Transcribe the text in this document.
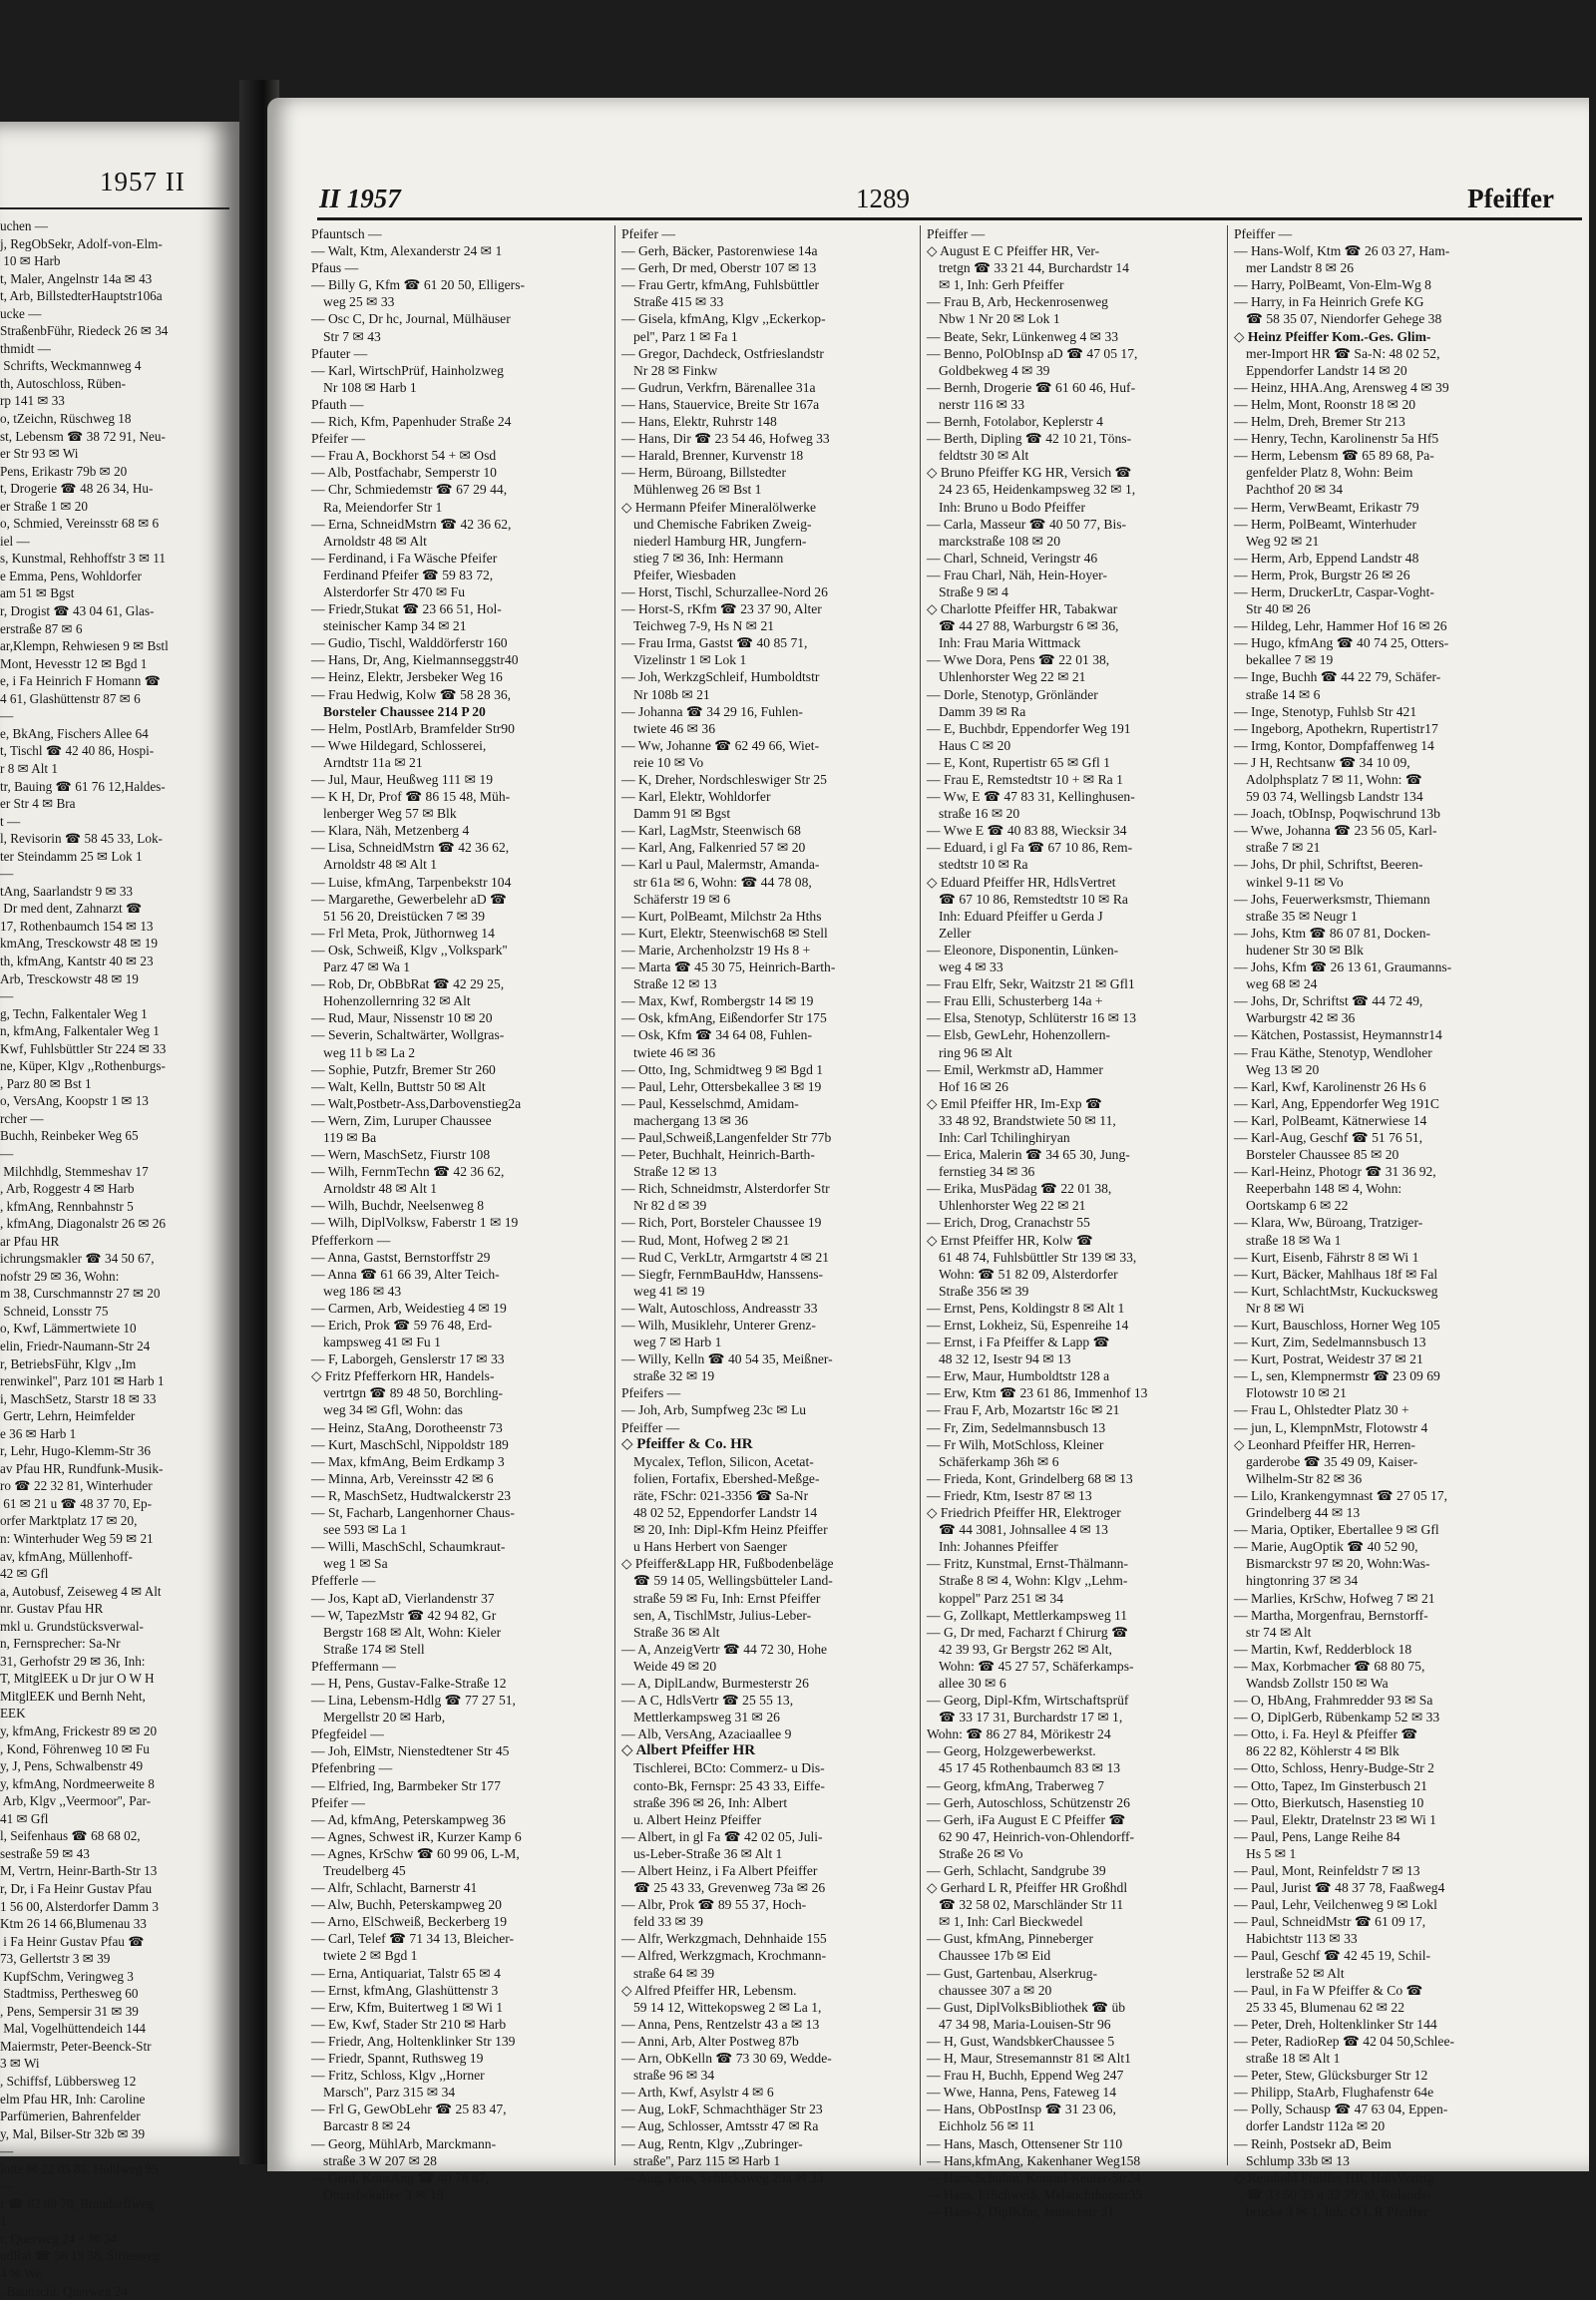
1957 II
uchen —
j, RegObSekr, Adolf-von-Elm-
10 ✉ Harb
t, Maler, Angelnstr 14a ✉ 43
t, Arb, BillstedterHauptstr106a
ucke —
StraßenbFühr, Riedeck 26 ✉ 34
thmidt —
Schrifts, Weckmannweg 4
th, Autoschloss, Rüben-
rp 141 ✉ 33
o, tZeichn, Rüschweg 18
st, Lebensm ☎ 38 72 91, Neu-
er Str 93 ✉ Wi
Pens, Erikastr 79b ✉ 20
t, Drogerie ☎ 48 26 34, Hu-
er Straße 1 ✉ 20
o, Schmied, Vereinsstr 68 ✉ 6
iel —
s, Kunstmal, Rehhoffstr 3 ✉ 11
e Emma, Pens, Wohldorfer
am 51 ✉ Bgst
r, Drogist ☎ 43 04 61, Glas-
erstraße 87 ✉ 6
ar,Klempn, Rehwiesen 9 ✉ Bstl
Mont, Hevesstr 12 ✉ Bgd 1
e, i Fa Heinrich F Homann ☎
4 61, Glashüttenstr 87 ✉ 6
—
e, BkAng, Fischers Allee 64
t, Tischl ☎ 42 40 86, Hospi-
r 8 ✉ Alt 1
tr, Bauing ☎ 61 76 12,Haldes-
er Str 4 ✉ Bra
t —
l, Revisorin ☎ 58 45 33, Lok-
ter Steindamm 25 ✉ Lok 1
—
tAng, Saarlandstr 9 ✉ 33
Dr med dent, Zahnarzt ☎
17, Rothenbaumch 154 ✉ 13
kmAng, Tresckowstr 48 ✉ 19
th, kfmAng, Kantstr 40 ✉ 23
Arb, Tresckowstr 48 ✉ 19
—
g, Techn, Falkentaler Weg 1
n, kfmAng, Falkentaler Weg 1
Kwf, Fuhlsbüttler Str 224 ✉ 33
ne, Küper, Klgv ,,Rothenburgs-
, Parz 80 ✉ Bst 1
o, VersAng, Koopstr 1 ✉ 13
rcher —
Buchh, Reinbeker Weg 65
—
Milchhdlg, Stemmeshav 17
, Arb, Roggestr 4 ✉ Harb
, kfmAng, Rennbahnstr 5
, kfmAng, Diagonalstr 26 ✉ 26
ar Pfau HR
ichrungsmakler ☎ 34 50 67,
nofstr 29 ✉ 36, Wohn:
m 38, Curschmannstr 27 ✉ 20
Schneid, Lonsstr 75
o, Kwf, Lämmertwiete 10
elin, Friedr-Naumann-Str 24
r, BetriebsFühr, Klgv ,,Im
renwinkel'', Parz 101 ✉ Harb 1
i, MaschSetz, Starstr 18 ✉ 33
Gertr, Lehrn, Heimfelder
e 36 ✉ Harb 1
r, Lehr, Hugo-Klemm-Str 36
av Pfau HR, Rundfunk-Musik-
ro ☎ 22 32 81, Winterhuder
61 ✉ 21 u ☎ 48 37 70, Ep-
orfer Marktplatz 17 ✉ 20,
n: Winterhuder Weg 59 ✉ 21
av, kfmAng, Müllenhoff-
42 ✉ Gfl
a, Autobusf, Zeiseweg 4 ✉ Alt
nr. Gustav Pfau HR
mkl u. Grundstücksverwal-
n, Fernsprecher: Sa-Nr
31, Gerhofstr 29 ✉ 36, Inh:
T, MitglEEK u Dr jur O W H
MitglEEK und Bernh Neht,
EEK
y, kfmAng, Frickestr 89 ✉ 20
, Kond, Föhrenweg 10 ✉ Fu
y, J, Pens, Schwalbenstr 49
y, kfmAng, Nordmeerweite 8
Arb, Klgv ,,Veermoor'', Par-
41 ✉ Gfl
l, Seifenhaus ☎ 68 68 02,
sestraße 59 ✉ 43
M, Vertrn, Heinr-Barth-Str 13
r, Dr, i Fa Heinr Gustav Pfau
1 56 00, Alsterdorfer Damm 3
Ktm 26 14 66,Blumenau 33
i Fa Heinr Gustav Pfau ☎
73, Gellertstr 3 ✉ 39
KupfSchm, Veringweg 3
Stadtmiss, Perthesweg 60
, Pens, Sempersir 31 ✉ 39
Mal, Vogelhüttendeich 144
Maiermstr, Peter-Beenck-Str
3 ✉ Wi
, Schiffsf, Lübbersweg 12
elm Pfau HR, Inh: Caroline
Parfümerien, Bahrenfelder
y, Mal, Bilser-Str 32b ✉ 39
—
lotte ✉ 22 05 85, Hohlweg 95
—
r ☎ 82 89 70, Brandorffweg
1
r, Querweg 24 + ✉ 34
udRat ☎ 56 19 38, Siriusweg
4 ✉ We
, Bautischl, Querweg 24
II 1957	1289	Pfeiffer
Pfauntsch —
— Walt, Ktm, Alexanderstr 24 ✉ 1
Pfaus —
— Billy G, Kfm ☎ 61 20 50, Elligers-
weg 25 ✉ 33
— Osc C, Dr hc, Journal, Mülhäuser
Str 7 ✉ 43
Pfauter —
— Karl, WirtschPrüf, Hainholzweg
Nr 108 ✉ Harb 1
Pfauth —
— Rich, Kfm, Papenhuder Straße 24
Pfeifer —
— Frau A, Bockhorst 54 + ✉ Osd
— Alb, Postfachabr, Semperstr 10
— Chr, Schmiedemstr ☎ 67 29 44,
Ra, Meiendorfer Str 1
— Erna, SchneidMstrn ☎ 42 36 62,
Arnoldstr 48 ✉ Alt
— Ferdinand, i Fa Wäsche Pfeifer
Ferdinand Pfeifer ☎ 59 83 72,
Alsterdorfer Str 470 ✉ Fu
— Friedr,Stukat ☎ 23 66 51, Hol-
steinischer Kamp 34 ✉ 21
— Gudio, Tischl, Walddörferstr 160
— Hans, Dr, Ang, Kielmannseggstr40
— Heinz, Elektr, Jersbeker Weg 16
— Frau Hedwig, Kolw ☎ 58 28 36,
Borsteler Chaussee 214 P 20
— Helm, PostlArb, Bramfelder Str90
— Wwe Hildegard, Schlosserei,
Arndtstr 11a ✉ 21
— Jul, Maur, Heußweg 111 ✉ 19
— K H, Dr, Prof ☎ 86 15 48, Müh-
lenberger Weg 57 ✉ Blk
— Klara, Näh, Metzenberg 4
— Lisa, SchneidMstrn ☎ 42 36 62,
Arnoldstr 48 ✉ Alt 1
— Luise, kfmAng, Tarpenbekstr 104
— Margarethe, Gewerbelehr aD ☎
51 56 20, Dreistücken 7 ✉ 39
— Frl Meta, Prok, Jüthornweg 14
— Osk, Schweiß, Klgv ,,Volkspark''
Parz 47 ✉ Wa 1
— Rob, Dr, ObBbRat ☎ 42 29 25,
Hohenzollernring 32 ✉ Alt
— Rud, Maur, Nissenstr 10 ✉ 20
— Severin, Schaltwärter, Wollgras-
weg 11 b ✉ La 2
— Sophie, Putzfr, Bremer Str 260
— Walt, Kelln, Buttstr 50 ✉ Alt
— Walt,Postbetr-Ass,Darbovenstieg2a
— Wern, Zim, Luruper Chaussee
119 ✉ Ba
— Wern, MaschSetz, Fiurstr 108
— Wilh, FernmTechn ☎ 42 36 62,
Arnoldstr 48 ✉ Alt 1
— Wilh, Buchdr, Neelsenweg 8
— Wilh, DiplVolksw, Faberstr 1 ✉ 19
Pfefferkorn —
— Anna, Gastst, Bernstorffstr 29
— Anna ☎ 61 66 39, Alter Teich-
weg 186 ✉ 43
— Carmen, Arb, Weidestieg 4 ✉ 19
— Erich, Prok ☎ 59 76 48, Erd-
kampsweg 41 ✉ Fu 1
— F, Laborgeh, Genslerstr 17 ✉ 33
◇ Fritz Pfefferkorn HR, Handels-
vertrtgn ☎ 89 48 50, Borchling-
weg 34 ✉ Gfl, Wohn: das
— Heinz, StaAng, Dorotheenstr 73
— Kurt, MaschSchl, Nippoldstr 189
— Max, kfmAng, Beim Erdkamp 3
— Minna, Arb, Vereinsstr 42 ✉ 6
— R, MaschSetz, Hudtwalckerstr 23
— St, Facharb, Langenhorner Chaus-
see 593 ✉ La 1
— Willi, MaschSchl, Schaumkraut-
weg 1 ✉ Sa
Pfefferle —
— Jos, Kapt aD, Vierlandenstr 37
— W, TapezMstr ☎ 42 94 82, Gr
Bergstr 168 ✉ Alt, Wohn: Kieler
Straße 174 ✉ Stell
Pfeffermann —
— H, Pens, Gustav-Falke-Straße 12
— Lina, Lebensm-Hdlg ☎ 77 27 51,
Mergellstr 20 ✉ Harb,
Pfegfeidel —
— Joh, ElMstr, Nienstedtener Str 45
Pfefenbring —
— Elfried, Ing, Barmbeker Str 177
Pfeifer —
— Ad, kfmAng, Peterskampweg 36
— Agnes, Schwest iR, Kurzer Kamp 6
— Agnes, KrSchw ☎ 60 99 06, L-M,
Treudelberg 45
— Alfr, Schlacht, Barnerstr 41
— Alw, Buchh, Peterskampweg 20
— Arno, ElSchweiß, Beckerberg 19
— Carl, Telef ☎ 71 34 13, Bleicher-
twiete 2 ✉ Bgd 1
— Erna, Antiquariat, Talstr 65 ✉ 4
— Ernst, kfmAng, Glashüttenstr 3
— Erw, Kfm, Buitertweg 1 ✉ Wi 1
— Ew, Kwf, Stader Str 210 ✉ Harb
— Friedr, Ang, Holtenklinker Str 139
— Friedr, Spannt, Ruthsweg 19
— Fritz, Schloss, Klgv ,,Horner
Marsch'', Parz 315 ✉ 34
— Frl G, GewObLehr ☎ 25 83 47,
Barcastr 8 ✉ 24
— Georg, MühlArb, Marckmann-
straße 3 W 207 ✉ 28
— Gerd, KonsAng ☎ 40 78 87,
Ottersbekallee 3 ✉ 19
Pfeifer —
— Gerh, Bäcker, Pastorenwiese 14a
— Gerh, Dr med, Oberstr 107 ✉ 13
— Frau Gertr, kfmAng, Fuhlsbüttler
Straße 415 ✉ 33
— Gisela, kfmAng, Klgv ,,Eckerkop-
pel'', Parz 1 ✉ Fa 1
— Gregor, Dachdeck, Ostfrieslandstr
Nr 28 ✉ Finkw
— Gudrun, Verkfrn, Bärenallee 31a
— Hans, Stauervice, Breite Str 167a
— Hans, Elektr, Ruhrstr 148
— Hans, Dir ☎ 23 54 46, Hofweg 33
— Harald, Brenner, Kurvenstr 18
— Herm, Büroang, Billstedter
Mühlenweg 26 ✉ Bst 1
◇ Hermann Pfeifer Mineralölwerke
und Chemische Fabriken Zweig-
niederl Hamburg HR, Jungfern-
stieg 7 ✉ 36, Inh: Hermann
Pfeifer, Wiesbaden
— Horst, Tischl, Schurzallee-Nord 26
— Horst-S, rKfm ☎ 23 37 90, Alter
Teichweg 7-9, Hs N ✉ 21
— Frau Irma, Gastst ☎ 40 85 71,
Vizelinstr 1 ✉ Lok 1
— Joh, WerkzgSchleif, Humboldtstr
Nr 108b ✉ 21
— Johanna ☎ 34 29 16, Fuhlen-
twiete 46 ✉ 36
— Ww, Johanne ☎ 62 49 66, Wiet-
reie 10 ✉ Vo
— K, Dreher, Nordschleswiger Str 25
— Karl, Elektr, Wohldorfer
Damm 91 ✉ Bgst
— Karl, LagMstr, Steenwisch 68
— Karl, Ang, Falkenried 57 ✉ 20
— Karl u Paul, Malermstr, Amanda-
str 61a ✉ 6, Wohn: ☎ 44 78 08,
Schäferstr 19 ✉ 6
— Kurt, PolBeamt, Milchstr 2a Hths
— Kurt, Elektr, Steenwisch68 ✉ Stell
— Marie, Archenholzstr 19 Hs 8 +
— Marta ☎ 45 30 75, Heinrich-Barth-
Straße 12 ✉ 13
— Max, Kwf, Rombergstr 14 ✉ 19
— Osk, kfmAng, Eißendorfer Str 175
— Osk, Kfm ☎ 34 64 08, Fuhlen-
twiete 46 ✉ 36
— Otto, Ing, Schmidtweg 9 ✉ Bgd 1
— Paul, Lehr, Ottersbekallee 3 ✉ 19
— Paul, Kesselschmd, Amidam-
machergang 13 ✉ 36
— Paul,Schweiß,Langenfelder Str 77b
— Peter, Buchhalt, Heinrich-Barth-
Straße 12 ✉ 13
— Rich, Schneidmstr, Alsterdorfer Str
Nr 82 d ✉ 39
— Rich, Port, Borsteler Chaussee 19
— Rud, Mont, Hofweg 2 ✉ 21
— Rud C, VerkLtr, Armgartstr 4 ✉ 21
— Siegfr, FernmBauHdw, Hanssens-
weg 41 ✉ 19
— Walt, Autoschloss, Andreasstr 33
— Wilh, Musiklehr, Unterer Grenz-
weg 7 ✉ Harb 1
— Willy, Kelln ☎ 40 54 35, Meißner-
straße 32 ✉ 19
Pfeifers —
— Joh, Arb, Sumpfweg 23c ✉ Lu
Pfeiffer —
◇ Pfeiffer & Co. HR
Mycalex, Teflon, Silicon, Acetat-
folien, Fortafix, Ebershed-Meßge-
räte, FSchr: 021-3356 ☎ Sa-Nr
48 02 52, Eppendorfer Landstr 14
✉ 20, Inh: Dipl-Kfm Heinz Pfeiffer
u Hans Herbert von Saenger
◇ Pfeiffer&Lapp HR, Fußbodenbeläge
☎ 59 14 05, Wellingsbütteler Land-
straße 59 ✉ Fu, Inh: Ernst Pfeiffer
sen, A, TischlMstr, Julius-Leber-
Straße 36 ✉ Alt
— A, AnzeigVertr ☎ 44 72 30, Hohe
Weide 49 ✉ 20
— A, DiplLandw, Burmesterstr 26
— A C, HdlsVertr ☎ 25 55 13,
Mettlerkampsweg 31 ✉ 26
— Alb, VersAng, Azaciaallee 9
◇ Albert Pfeiffer HR
Tischlerei, BCto: Commerz- u Dis-
conto-Bk, Fernspr: 25 43 33, Eiffe-
straße 396 ✉ 26, Inh: Albert
u. Albert Heinz Pfeiffer
— Albert, in gl Fa ☎ 42 02 05, Juli-
us-Leber-Straße 36 ✉ Alt 1
— Albert Heinz, i Fa Albert Pfeiffer
☎ 25 43 33, Grevenweg 73a ✉ 26
— Albr, Prok ☎ 89 55 37, Hoch-
feld 33 ✉ 39
— Alfr, Werkzgmach, Dehnhaide 155
— Alfred, Werkzgmach, Krochmann-
straße 64 ✉ 39
◇ Alfred Pfeiffer HR, Lebensm.
59 14 12, Wittekopsweg 2 ✉ La 1,
— Anna, Pens, Rentzelstr 43 a ✉ 13
— Anni, Arb, Alter Postweg 87b
— Arn, ObKelln ☎ 73 30 69, Wedde-
straße 96 ✉ 34
— Arth, Kwf, Asylstr 4 ✉ 6
— Aug, LokF, Schmachthäger Str 23
— Aug, Schlosser, Amtsstr 47 ✉ Ra
— Aug, Rentn, Klgv ,,Zubringer-
straße'', Parz 115 ✉ Harb 1
— Aug, Pens, Schlicksweg 29a ✉ 33
Pfeiffer —
◇ August E C Pfeiffer HR, Ver-
tretgn ☎ 33 21 44, Burchardstr 14
✉ 1, Inh: Gerh Pfeiffer
— Frau B, Arb, Heckenrosenweg
Nbw 1 Nr 20 ✉ Lok 1
— Beate, Sekr, Lünkenweg 4 ✉ 33
— Benno, PolObInsp aD ☎ 47 05 17,
Goldbekweg 4 ✉ 39
— Bernh, Drogerie ☎ 61 60 46, Huf-
nerstr 116 ✉ 33
— Bernh, Fotolabor, Keplerstr 4
— Berth, Dipling ☎ 42 10 21, Töns-
feldtstr 30 ✉ Alt
◇ Bruno Pfeiffer KG HR, Versich ☎
24 23 65, Heidenkampsweg 32 ✉ 1,
Inh: Bruno u Bodo Pfeiffer
— Carla, Masseur ☎ 40 50 77, Bis-
marckstraße 108 ✉ 20
— Charl, Schneid, Veringstr 46
— Frau Charl, Näh, Hein-Hoyer-
Straße 9 ✉ 4
◇ Charlotte Pfeiffer HR, Tabakwar
☎ 44 27 88, Warburgstr 6 ✉ 36,
Inh: Frau Maria Wittmack
— Wwe Dora, Pens ☎ 22 01 38,
Uhlenhorster Weg 22 ✉ 21
— Dorle, Stenotyp, Grönländer
Damm 39 ✉ Ra
— E, Buchbdr, Eppendorfer Weg 191
Haus C ✉ 20
— E, Kont, Rupertistr 65 ✉ Gfl 1
— Frau E, Remstedtstr 10 + ✉ Ra 1
— Ww, E ☎ 47 83 31, Kellinghusen-
straße 16 ✉ 20
— Wwe E ☎ 40 83 88, Wiecksir 34
— Eduard, i gl Fa ☎ 67 10 86, Rem-
stedtstr 10 ✉ Ra
◇ Eduard Pfeiffer HR, HdlsVertret
☎ 67 10 86, Remstedtstr 10 ✉ Ra
Inh: Eduard Pfeiffer u Gerda J
Zeller
— Eleonore, Disponentin, Lünken-
weg 4 ✉ 33
— Frau Elfr, Sekr, Waitzstr 21 ✉ Gfl1
— Frau Elli, Schusterberg 14a +
— Elsa, Stenotyp, Schlüterstr 16 ✉ 13
— Elsb, GewLehr, Hohenzollern-
ring 96 ✉ Alt
— Emil, Werkmstr aD, Hammer
Hof 16 ✉ 26
◇ Emil Pfeiffer HR, Im-Exp ☎
33 48 92, Brandstwiete 50 ✉ 11,
Inh: Carl Tchilinghiryan
— Erica, Malerin ☎ 34 65 30, Jung-
fernstieg 34 ✉ 36
— Erika, MusPädag ☎ 22 01 38,
Uhlenhorster Weg 22 ✉ 21
— Erich, Drog, Cranachstr 55
◇ Ernst Pfeiffer HR, Kolw ☎
61 48 74, Fuhlsbüttler Str 139 ✉ 33,
Wohn: ☎ 51 82 09, Alsterdorfer
Straße 356 ✉ 39
— Ernst, Pens, Koldingstr 8 ✉ Alt 1
— Ernst, Lokheiz, Sü, Espenreihe 14
— Ernst, i Fa Pfeiffer & Lapp ☎
48 32 12, Isestr 94 ✉ 13
— Erw, Maur, Humboldtstr 128 a
— Erw, Ktm ☎ 23 61 86, Immenhof 13
— Frau F, Arb, Mozartstr 16c ✉ 21
— Fr, Zim, Sedelmannsbusch 13
— Fr Wilh, MotSchloss, Kleiner
Schäferkamp 36h ✉ 6
— Frieda, Kont, Grindelberg 68 ✉ 13
— Friedr, Ktm, Isestr 87 ✉ 13
◇ Friedrich Pfeiffer HR, Elektroger
☎ 44 3081, Johnsallee 4 ✉ 13
Inh: Johannes Pfeiffer
— Fritz, Kunstmal, Ernst-Thälmann-
Straße 8 ✉ 4, Wohn: Klgv ,,Lehm-
koppel'' Parz 251 ✉ 34
— G, Zollkapt, Mettlerkampsweg 11
— G, Dr med, Facharzt f Chirurg ☎
42 39 93, Gr Bergstr 262 ✉ Alt,
Wohn: ☎ 45 27 57, Schäferkamps-
allee 30 ✉ 6
— Georg, Dipl-Kfm, Wirtschaftsprüf
☎ 33 17 31, Burchardstr 17 ✉ 1,
Wohn: ☎ 86 27 84, Mörikestr 24
— Georg, Holzgewerbewerkst.
45 17 45 Rothenbaumch 83 ✉ 13
— Georg, kfmAng, Traberweg 7
— Gerh, Autoschloss, Schützenstr 26
— Gerh, iFa August E C Pfeiffer ☎
62 90 47, Heinrich-von-Ohlendorff-
Straße 26 ✉ Vo
— Gerh, Schlacht, Sandgrube 39
◇ Gerhard L R, Pfeiffer HR Großhdl
☎ 32 58 02, Marschländer Str 11
✉ 1, Inh: Carl Bieckwedel
— Gust, kfmAng, Pinneberger
Chaussee 17b ✉ Eid
— Gust, Gartenbau, Alserkrug-
chaussee 307 a ✉ 20
— Gust, DiplVolksBibliothek ☎ üb
47 34 98, Maria-Louisen-Str 96
— H, Gust, WandsbkerChaussee 5
— H, Maur, Stresemannstr 81 ✉ Alt1
— Frau H, Buchh, Eppend Weg 247
— Wwe, Hanna, Pens, Fateweg 14
— Hans, ObPostInsp ☎ 31 23 06,
Eichholz 56 ✉ 11
— Hans, Masch, Ottensener Str 110
— Hans,kfmAng, Kakenhaner Weg158
— Hans,Schuhm, Konrad-Reuter-Str24
— Hans, ElSchweiß, Melanchthonstr35
— Hans-J, DiplKfm, Jenischstr 31
Pfeiffer —
— Hans-Wolf, Ktm ☎ 26 03 27, Ham-
mer Landstr 8 ✉ 26
— Harry, PolBeamt, Von-Elm-Wg 8
— Harry, in Fa Heinrich Grefe KG
☎ 58 35 07, Niendorfer Gehege 38
◇ Heinz Pfeiffer Kom.-Ges. Glim-
mer-Import HR ☎ Sa-N: 48 02 52,
Eppendorfer Landstr 14 ✉ 20
— Heinz, HHA.Ang, Arensweg 4 ✉ 39
— Helm, Mont, Roonstr 18 ✉ 20
— Helm, Dreh, Bremer Str 213
— Henry, Techn, Karolinenstr 5a Hf5
— Herm, Lebensm ☎ 65 89 68, Pa-
genfelder Platz 8, Wohn: Beim
Pachthof 20 ✉ 34
— Herm, VerwBeamt, Erikastr 79
— Herm, PolBeamt, Winterhuder
Weg 92 ✉ 21
— Herm, Arb, Eppend Landstr 48
— Herm, Prok, Burgstr 26 ✉ 26
— Herm, DruckerLtr, Caspar-Voght-
Str 40 ✉ 26
— Hildeg, Lehr, Hammer Hof 16 ✉ 26
— Hugo, kfmAng ☎ 40 74 25, Otters-
bekallee 7 ✉ 19
— Inge, Buchh ☎ 44 22 79, Schäfer-
straße 14 ✉ 6
— Inge, Stenotyp, Fuhlsb Str 421
— Ingeborg, Apothekrn, Rupertistr17
— Irmg, Kontor, Dompfaffenweg 14
— J H, Rechtsanw ☎ 34 10 09,
Adolphsplatz 7 ✉ 11, Wohn: ☎
59 03 74, Wellingsb Landstr 134
— Joach, tObInsp, Poqwischrund 13b
— Wwe, Johanna ☎ 23 56 05, Karl-
straße 7 ✉ 21
— Johs, Dr phil, Schriftst, Beeren-
winkel 9-11 ✉ Vo
— Johs, Feuerwerksmstr, Thiemann
straße 35 ✉ Neugr 1
— Johs, Ktm ☎ 86 07 81, Docken-
hudener Str 30 ✉ Blk
— Johs, Kfm ☎ 26 13 61, Graumanns-
weg 68 ✉ 24
— Johs, Dr, Schriftst ☎ 44 72 49,
Warburgstr 42 ✉ 36
— Kätchen, Postassist, Heymannstr14
— Frau Käthe, Stenotyp, Wendloher
Weg 13 ✉ 20
— Karl, Kwf, Karolinenstr 26 Hs 6
— Karl, Ang, Eppendorfer Weg 191C
— Karl, PolBeamt, Kätnerwiese 14
— Karl-Aug, Geschf ☎ 51 76 51,
Borsteler Chaussee 85 ✉ 20
— Karl-Heinz, Photogr ☎ 31 36 92,
Reeperbahn 148 ✉ 4, Wohn:
Oortskamp 6 ✉ 22
— Klara, Ww, Büroang, Tratziger-
straße 18 ✉ Wa 1
— Kurt, Eisenb, Fährstr 8 ✉ Wi 1
— Kurt, Bäcker, Mahlhaus 18f ✉ Fal
— Kurt, SchlachtMstr, Kuckucksweg
Nr 8 ✉ Wi
— Kurt, Bauschloss, Horner Weg 105
— Kurt, Zim, Sedelmannsbusch 13
— Kurt, Postrat, Weidestr 37 ✉ 21
— L, sen, Klempnermstr ☎ 23 09 69
Flotowstr 10 ✉ 21
— Frau L, Ohlstedter Platz 30 +
— jun, L, KlempnMstr, Flotowstr 4
◇ Leonhard Pfeiffer HR, Herren-
garderobe ☎ 35 49 09, Kaiser-
Wilhelm-Str 82 ✉ 36
— Lilo, Krankengymnast ☎ 27 05 17,
Grindelberg 44 ✉ 13
— Maria, Optiker, Ebertallee 9 ✉ Gfl
— Marie, AugOptik ☎ 40 52 90,
Bismarckstr 97 ✉ 20, Wohn:Was-
hingtonring 37 ✉ 34
— Marlies, KrSchw, Hofweg 7 ✉ 21
— Martha, Morgenfrau, Bernstorff-
str 74 ✉ Alt
— Martin, Kwf, Redderblock 18
— Max, Korbmacher ☎ 68 80 75,
Wandsb Zollstr 150 ✉ Wa
— O, HbAng, Frahmredder 93 ✉ Sa
— O, DiplGerb, Rübenkamp 52 ✉ 33
— Otto, i. Fa. Heyl & Pfeiffer ☎
86 22 82, Köhlerstr 4 ✉ Blk
— Otto, Schloss, Henry-Budge-Str 2
— Otto, Tapez, Im Ginsterbusch 21
— Otto, Bierkutsch, Hasenstieg 10
— Paul, Elektr, Dratelnstr 23 ✉ Wi 1
— Paul, Pens, Lange Reihe 84
Hs 5 ✉ 1
— Paul, Mont, Reinfeldstr 7 ✉ 13
— Paul, Jurist ☎ 48 37 78, Faaßweg4
— Paul, Lehr, Veilchenweg 9 ✉ Lokl
— Paul, SchneidMstr ☎ 61 09 17,
Habichtstr 113 ✉ 33
— Paul, Geschf ☎ 42 45 19, Schil-
lerstraße 52 ✉ Alt
— Paul, in Fa W Pfeiffer & Co ☎
25 33 45, Blumenau 62 ✉ 22
— Peter, Dreh, Holtenklinker Str 144
— Peter, RadioRep ☎ 42 04 50,Schlee-
straße 18 ✉ Alt 1
— Peter, Stew, Glücksburger Str 12
— Philipp, StaArb, Flughafenstr 64e
— Polly, Schausp ☎ 47 63 04, Eppen-
dorfer Landstr 112a ✉ 20
— Reinh, Postsekr aD, Beim
Schlump 33b ✉ 13
◇ Reinhold Pfeiffer HR, HdlsVertrtg
☎ 33 50 35 u 32 79 30, Rolands-
brücke 3 ✉ 1, Inh: O L R Pfeiffer
